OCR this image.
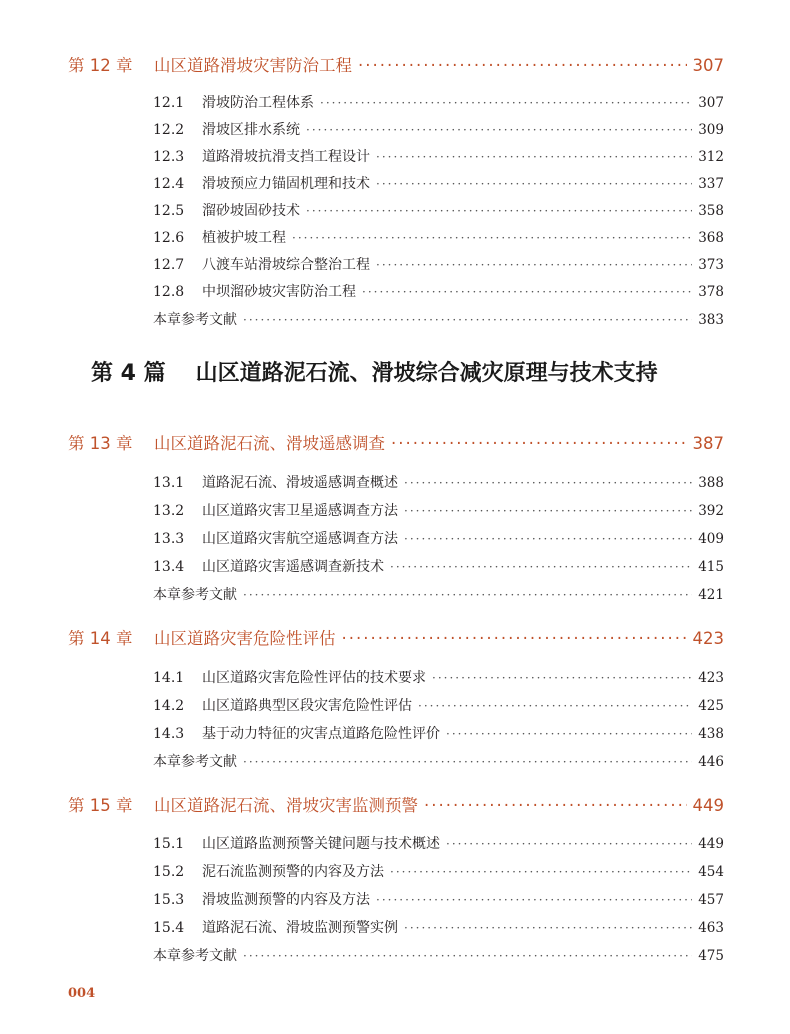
第 12 章	山区道路滑坡灾害防治工程 ·····	307
12.1	滑坡防治工程体系 ·····	307
12.2	滑坡区排水系统 ·····	309
12.3	道路滑坡抗滑支挡工程设计 ·····	312
12.4	滑坡预应力锚固机理和技术 ·····	337
12.5	溜砂坡固砂技术 ·····	358
12.6	植被护坡工程 ·····	368
12.7	八渡车站滑坡综合整治工程 ·····	373
12.8	中坝溜砂坡灾害防治工程 ·····	378
本章参考文献 ·····	383
第 4 篇 山区道路泥石流、滑坡综合减灾原理与技术支持
第 13 章	山区道路泥石流、滑坡遥感调查 ·····	387
13.1	道路泥石流、滑坡遥感调查概述 ·····	388
13.2	山区道路灾害卫星遥感调查方法 ·····	392
13.3	山区道路灾害航空遥感调查方法 ·····	409
13.4	山区道路灾害遥感调查新技术 ·····	415
本章参考文献 ·····	421
第 14 章	山区道路灾害危险性评估 ·····	423
14.1	山区道路灾害危险性评估的技术要求 ·····	423
14.2	山区道路典型区段灾害危险性评估 ·····	425
14.3	基于动力特征的灾害点道路危险性评价 ·····	438
本章参考文献 ·····	446
第 15 章	山区道路泥石流、滑坡灾害监测预警 ·····	449
15.1	山区道路监测预警关键问题与技术概述 ·····	449
15.2	泥石流监测预警的内容及方法 ·····	454
15.3	滑坡监测预警的内容及方法 ·····	457
15.4	道路泥石流、滑坡监测预警实例 ·····	463
本章参考文献 ·····	475
004
